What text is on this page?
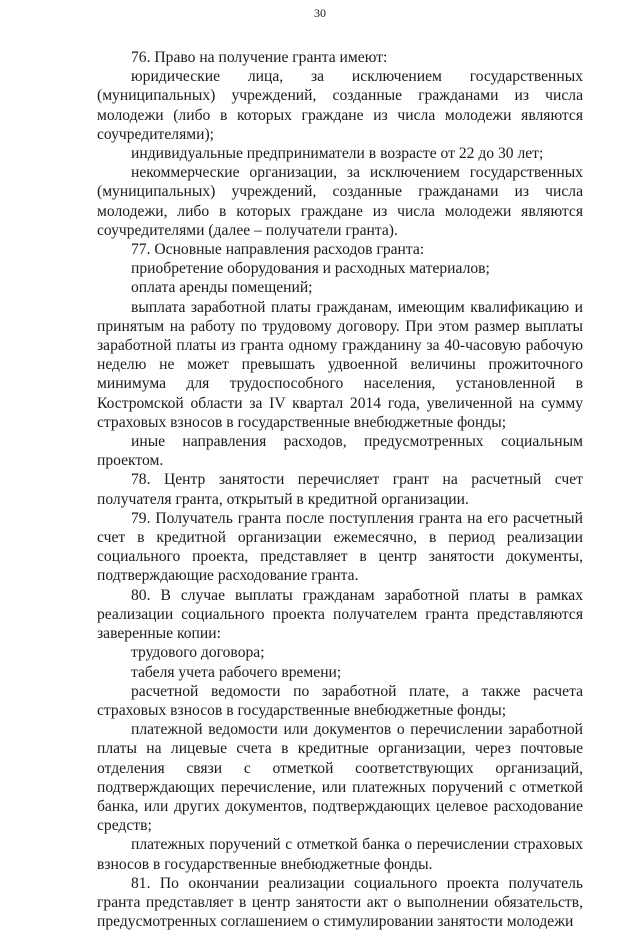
30

76. Право на получение гранта имеют:

юридические лица, за исключением государственных (муниципальных) учреждений, созданные гражданами из числа молодежи (либо в которых граждане из числа молодежи являются соучредителями);

индивидуальные предприниматели в возрасте от 22 до 30 лет;

некоммерческие организации, за исключением государственных (муниципальных) учреждений, созданные гражданами из числа молодежи, либо в которых граждане из числа молодежи являются соучредителями (далее – получатели гранта).

77. Основные направления расходов гранта:

приобретение оборудования и расходных материалов;

оплата аренды помещений;

выплата заработной платы гражданам, имеющим квалификацию и принятым на работу по трудовому договору. При этом размер выплаты заработной платы из гранта одному гражданину за 40-часовую рабочую неделю не может превышать удвоенной величины прожиточного минимума для трудоспособного населения, установленной в Костромской области за IV квартал 2014 года, увеличенной на сумму страховых взносов в государственные внебюджетные фонды;

иные направления расходов, предусмотренных социальным проектом.

78. Центр занятости перечисляет грант на расчетный счет получателя гранта, открытый в кредитной организации.

79. Получатель гранта после поступления гранта на его расчетный счет в кредитной организации ежемесячно, в период реализации социального проекта, представляет в центр занятости документы, подтверждающие расходование гранта.

80. В случае выплаты гражданам заработной платы в рамках реализации социального проекта получателем гранта представляются заверенные копии:

трудового договора;

табеля учета рабочего времени;

расчетной ведомости по заработной плате, а также расчета страховых взносов в государственные внебюджетные фонды;

платежной ведомости или документов о перечислении заработной платы на лицевые счета в кредитные организации, через почтовые отделения связи с отметкой соответствующих организаций, подтверждающих перечисление, или платежных поручений с отметкой банка, или других документов, подтверждающих целевое расходование средств;

платежных поручений с отметкой банка о перечислении страховых взносов в государственные внебюджетные фонды.

81. По окончании реализации социального проекта получатель гранта представляет в центр занятости акт о выполнении обязательств, предусмотренных соглашением о стимулировании занятости молодежи
